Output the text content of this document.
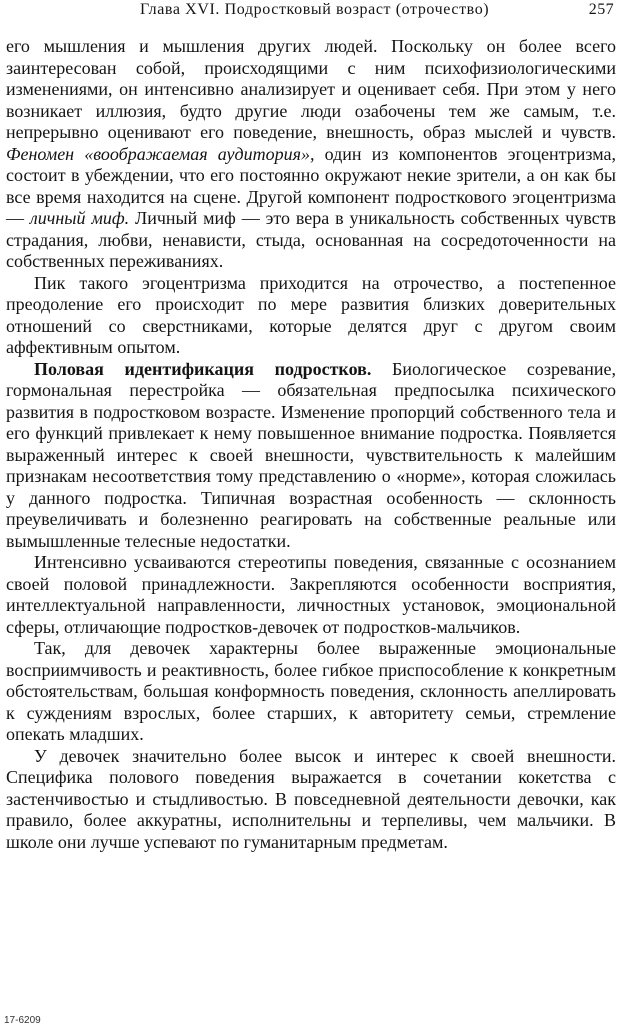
Глава XVI. Подростковый возраст (отрочество)	257

его мышления и мышления других людей. Поскольку он более всего заинтересован собой, происходящими с ним психофизиологическими изменениями, он интенсивно анализирует и оценивает себя. При этом у него возникает иллюзия, будто другие люди озабочены тем же самым, т.е. непрерывно оценивают его поведение, внешность, образ мыслей и чувств. Феномен «воображаемая аудитория», один из компонентов эгоцентризма, состоит в убеждении, что его постоянно окружают некие зрители, а он как бы все время находится на сцене. Другой компонент подросткового эгоцентризма — личный миф. Личный миф — это вера в уникальность собственных чувств страдания, любви, ненависти, стыда, основанная на сосредоточенности на собственных переживаниях.

Пик такого эгоцентризма приходится на отрочество, а постепенное преодоление его происходит по мере развития близких доверительных отношений со сверстниками, которые делятся друг с другом своим аффективным опытом.

Половая идентификация подростков. Биологическое созревание, гормональная перестройка — обязательная предпосылка психического развития в подростковом возрасте. Изменение пропорций собственного тела и его функций привлекает к нему повышенное внимание подростка. Появляется выраженный интерес к своей внешности, чувствительность к малейшим признакам несоответствия тому представлению о «норме», которая сложилась у данного подростка. Типичная возрастная особенность — склонность преувеличивать и болезненно реагировать на собственные реальные или вымышленные телесные недостатки.

Интенсивно усваиваются стереотипы поведения, связанные с осознанием своей половой принадлежности. Закрепляются особенности восприятия, интеллектуальной направленности, личностных установок, эмоциональной сферы, отличающие подростков-девочек от подростков-мальчиков.

Так, для девочек характерны более выраженные эмоциональные восприимчивость и реактивность, более гибкое приспособление к конкретным обстоятельствам, большая конформность поведения, склонность апеллировать к суждениям взрослых, более старших, к авторитету семьи, стремление опекать младших.

У девочек значительно более высок и интерес к своей внешности. Специфика полового поведения выражается в сочетании кокетства с застенчивостью и стыдливостью. В повседневной деятельности девочки, как правило, более аккуратны, исполнительны и терпеливы, чем мальчики. В школе они лучше успевают по гуманитарным предметам.

17-6209
